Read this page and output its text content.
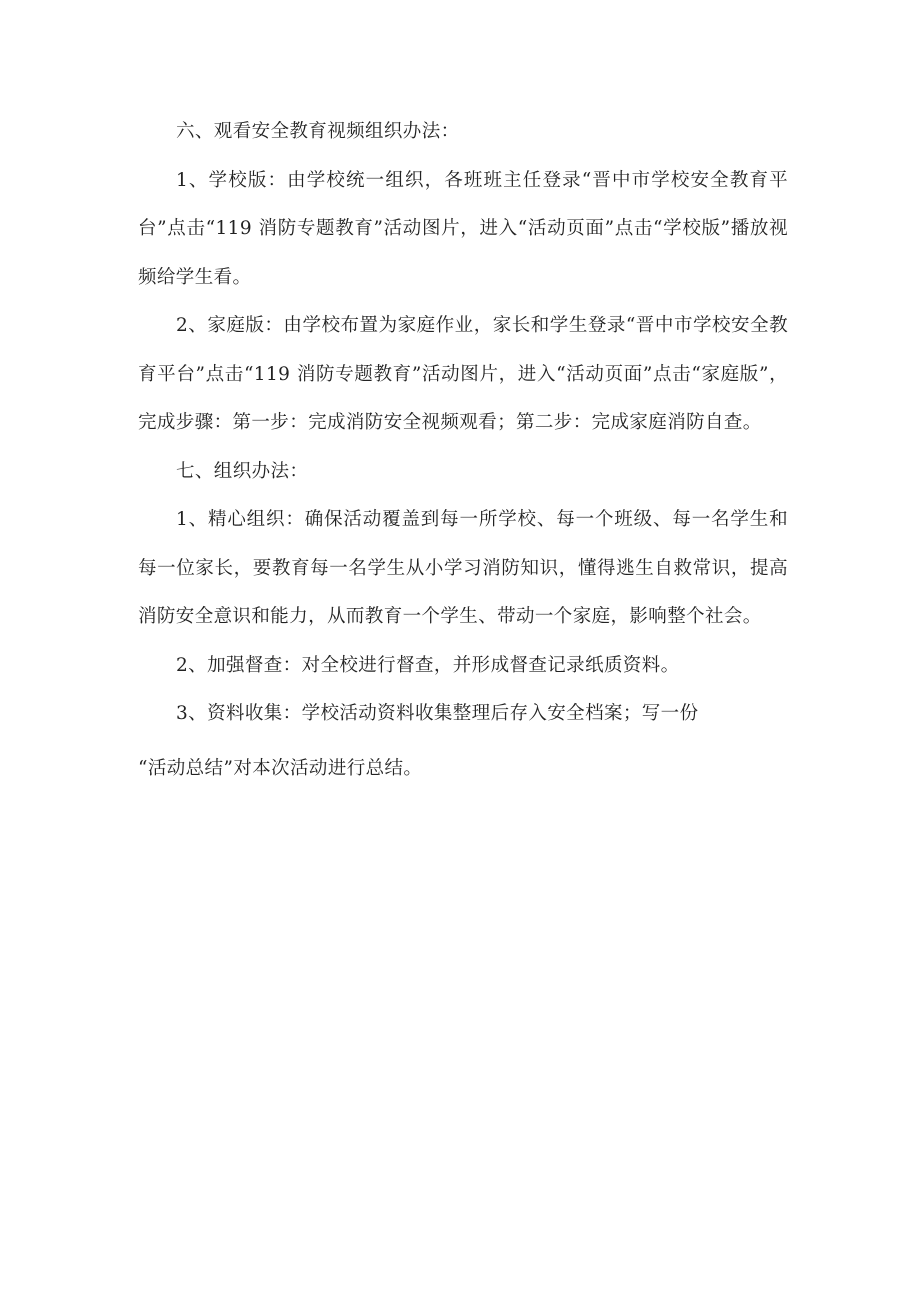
六、观看安全教育视频组织办法：

1、学校版：由学校统一组织，各班班主任登录“晋中市学校安全教育平台”点击“119 消防专题教育”活动图片，进入“活动页面”点击“学校版”播放视频给学生看。

2、家庭版：由学校布置为家庭作业，家长和学生登录“晋中市学校安全教育平台”点击“119 消防专题教育”活动图片，进入“活动页面”点击“家庭版”，完成步骤：第一步：完成消防安全视频观看；第二步：完成家庭消防自查。

七、组织办法：

1、精心组织：确保活动覆盖到每一所学校、每一个班级、每一名学生和每一位家长，要教育每一名学生从小学习消防知识，懂得逃生自救常识，提高消防安全意识和能力，从而教育一个学生、带动一个家庭，影响整个社会。

2、加强督查：对全校进行督查，并形成督查记录纸质资料。

3、资料收集：学校活动资料收集整理后存入安全档案；写一份

“活动总结”对本次活动进行总结。
